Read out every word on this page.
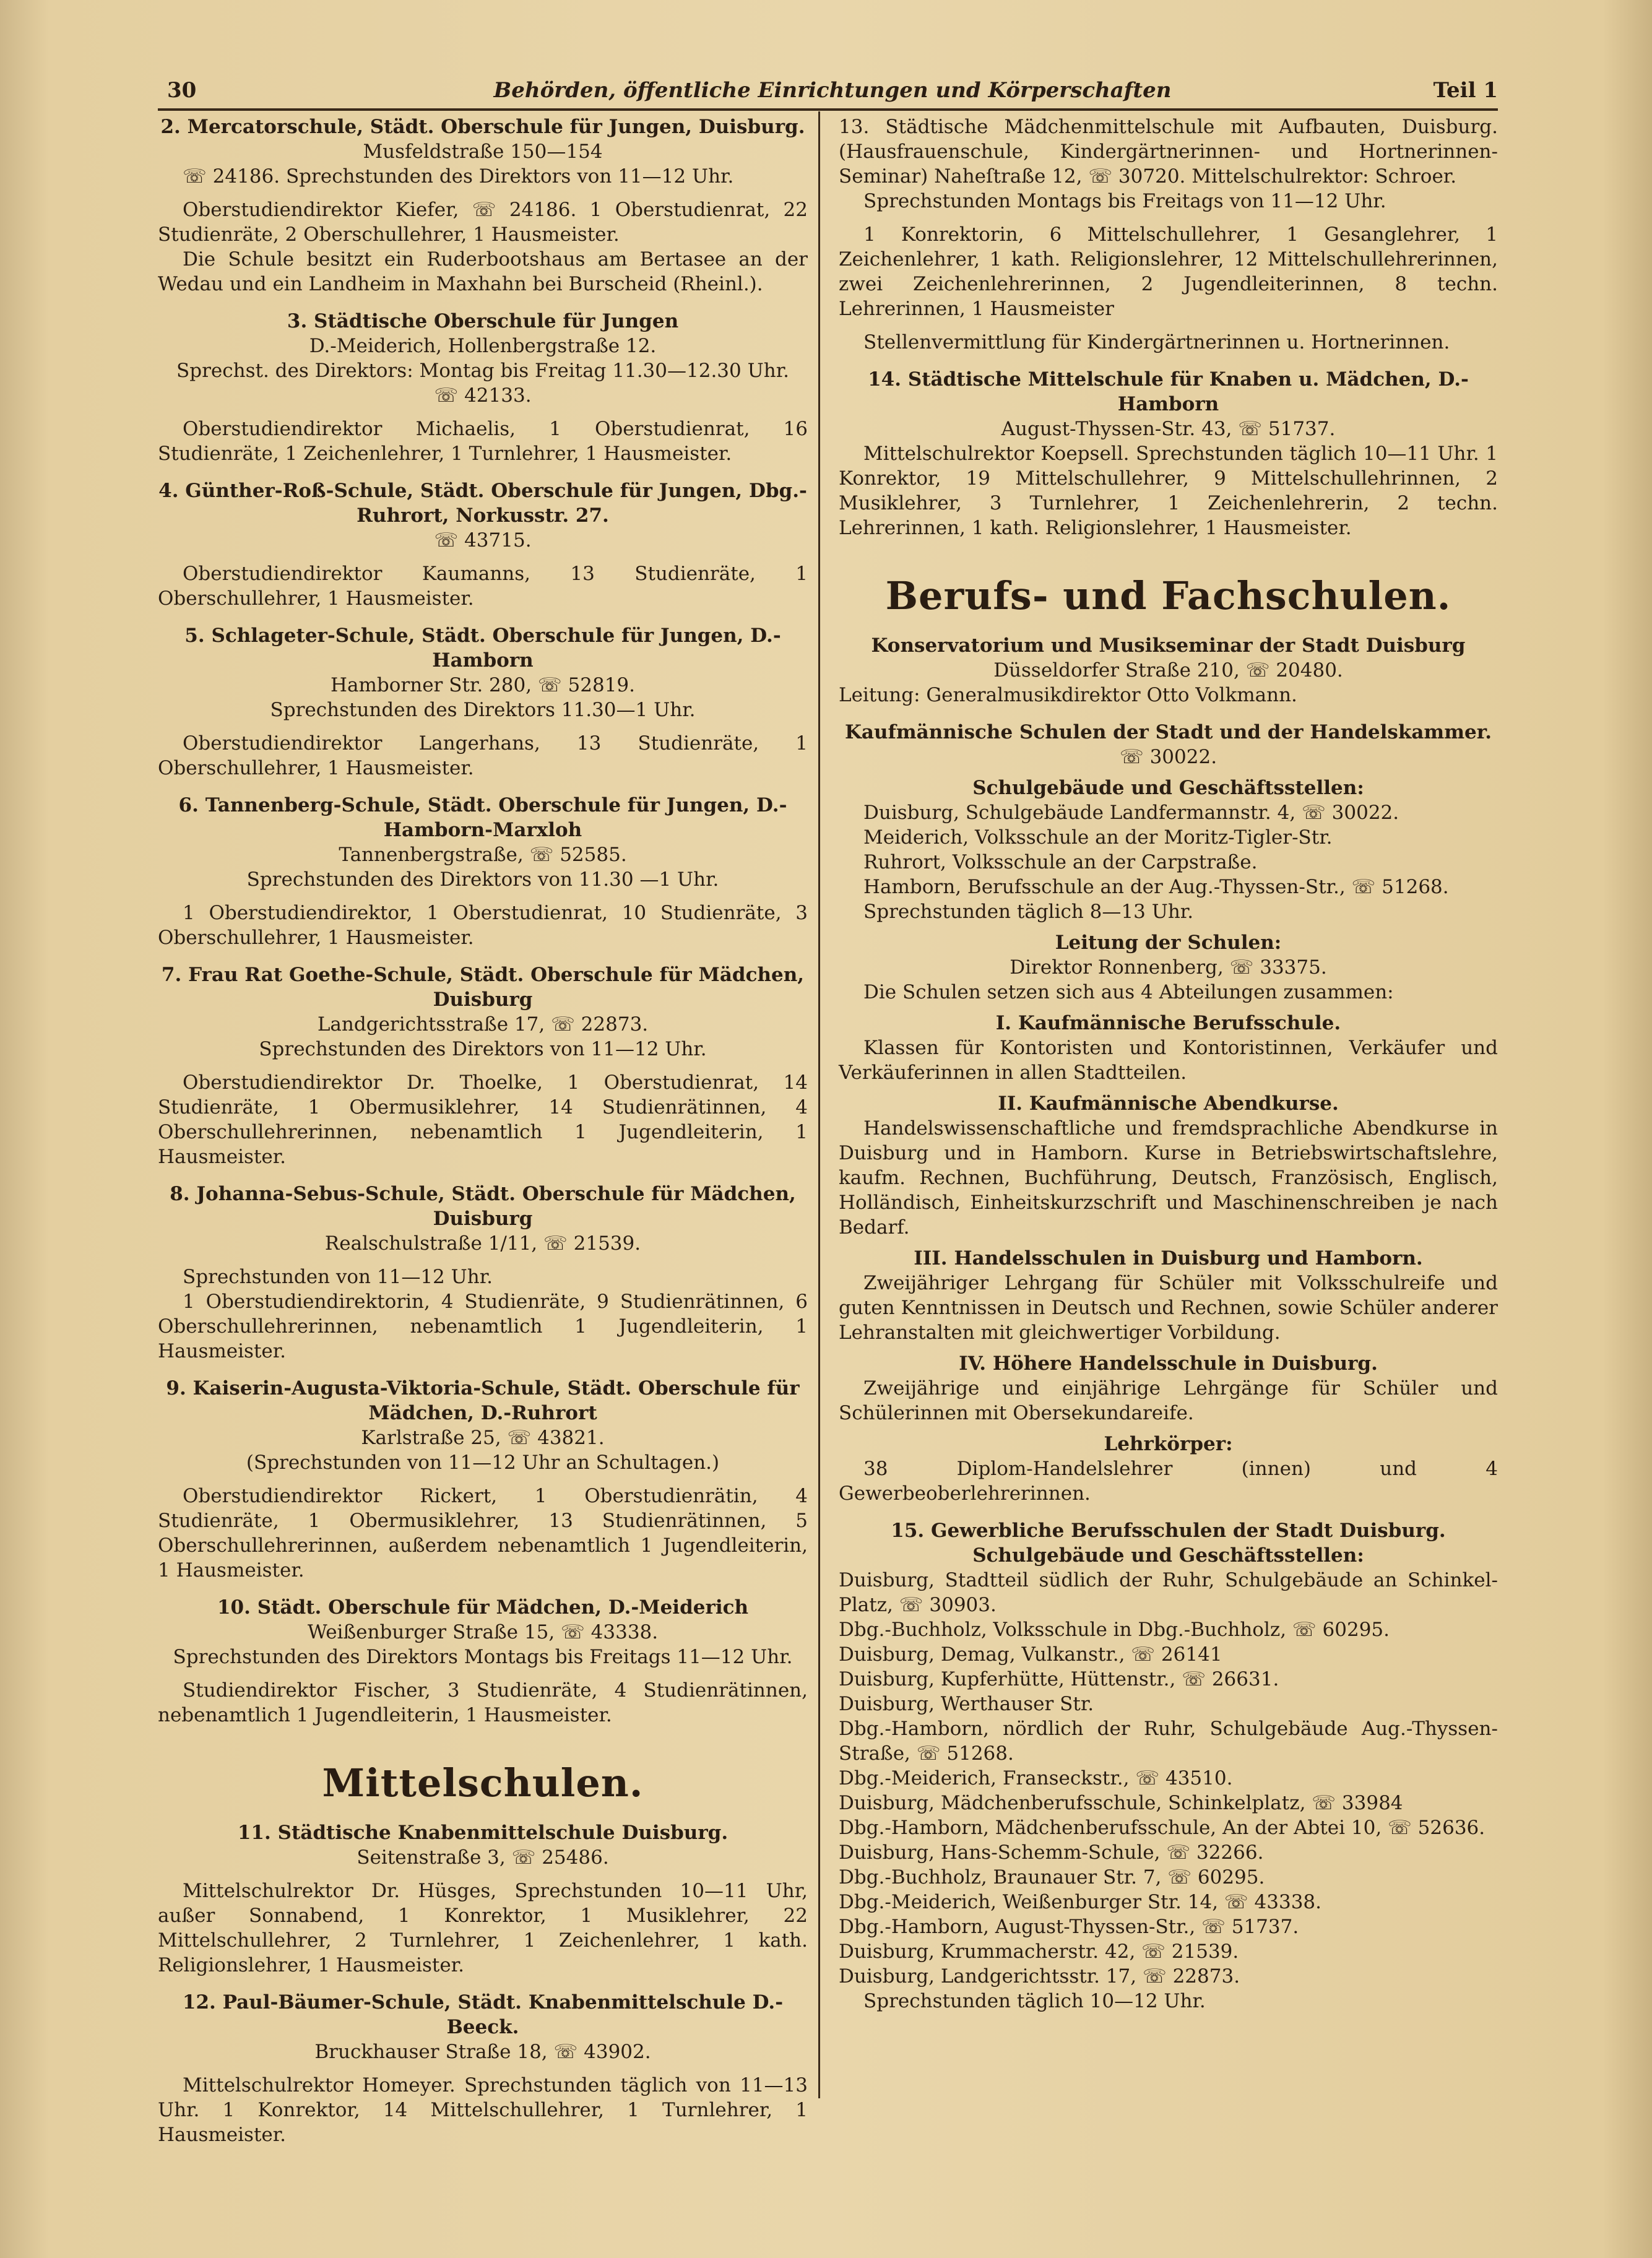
30	Behörden, öffentliche Einrichtungen und Körperschaften	Teil 1
2. Mercatorschule, Städt. Oberschule für Jungen, Duisburg.
Musfeldstraße 150—154
☏ 24186. Sprechstunden des Direktors von 11—12 Uhr.
Oberstudiendirektor Kiefer, ☏ 24186. 1 Oberstudienrat, 22 Studienräte, 2 Oberschullehrer, 1 Hausmeister.
Die Schule besitzt ein Ruderbootshaus am Bertasee an der Wedau und ein Landheim in Maxhahn bei Burscheid (Rheinl.).
3. Städtische Oberschule für Jungen
D.-Meiderich, Hollenbergstraße 12.
Sprechst. des Direktors: Montag bis Freitag 11.30—12.30 Uhr.
☏ 42133.
Oberstudiendirektor Michaelis, 1 Oberstudienrat, 16 Studienräte, 1 Zeichenlehrer, 1 Turnlehrer, 1 Hausmeister.
4. Günther-Roß-Schule, Städt. Oberschule für Jungen, Dbg.-Ruhrort, Norkusstr. 27.
☏ 43715.
Oberstudiendirektor Kaumanns, 13 Studienräte, 1 Oberschullehrer, 1 Hausmeister.
5. Schlageter-Schule, Städt. Oberschule für Jungen, D.-Hamborn
Hamborner Str. 280, ☏ 52819.
Sprechstunden des Direktors 11.30—1 Uhr.
Oberstudiendirektor Langerhans, 13 Studienräte, 1 Oberschullehrer, 1 Hausmeister.
6. Tannenberg-Schule, Städt. Oberschule für Jungen, D.-Hamborn-Marxloh
Tannenbergstraße, ☏ 52585.
Sprechstunden des Direktors von 11.30 —1 Uhr.
1 Oberstudiendirektor, 1 Oberstudienrat, 10 Studienräte, 3 Oberschullehrer, 1 Hausmeister.
7. Frau Rat Goethe-Schule, Städt. Oberschule für Mädchen, Duisburg
Landgerichtsstraße 17, ☏ 22873.
Sprechstunden des Direktors von 11—12 Uhr.
Oberstudiendirektor Dr. Thoelke, 1 Oberstudienrat, 14 Studienräte, 1 Obermusiklehrer, 14 Studienrätinnen, 4 Oberschullehrerinnen, nebenamtlich 1 Jugendleiterin, 1 Hausmeister.
8. Johanna-Sebus-Schule, Städt. Oberschule für Mädchen, Duisburg
Realschulstraße 1/11, ☏ 21539.
Sprechstunden von 11—12 Uhr.
1 Oberstudiendirektorin, 4 Studienräte, 9 Studienrätinnen, 6 Oberschullehrerinnen, nebenamtlich 1 Jugendleiterin, 1 Hausmeister.
9. Kaiserin-Augusta-Viktoria-Schule, Städt. Oberschule für Mädchen, D.-Ruhrort
Karlstraße 25, ☏ 43821.
(Sprechstunden von 11—12 Uhr an Schultagen.)
Oberstudiendirektor Rickert, 1 Oberstudienrätin, 4 Studienräte, 1 Obermusiklehrer, 13 Studienrätinnen, 5 Oberschullehrerinnen, außerdem nebenamtlich 1 Jugendleiterin, 1 Hausmeister.
10. Städt. Oberschule für Mädchen, D.-Meiderich
Weißenburger Straße 15, ☏ 43338.
Sprechstunden des Direktors Montags bis Freitags 11—12 Uhr.
Studiendirektor Fischer, 3 Studienräte, 4 Studienrätinnen, nebenamtlich 1 Jugendleiterin, 1 Hausmeister.
Mittelschulen.
11. Städtische Knabenmittelschule Duisburg.
Seitenstraße 3, ☏ 25486.
Mittelschulrektor Dr. Hüsges, Sprechstunden 10—11 Uhr, außer Sonnabend, 1 Konrektor, 1 Musiklehrer, 22 Mittelschullehrer, 2 Turnlehrer, 1 Zeichenlehrer, 1 kath. Religionslehrer, 1 Hausmeister.
12. Paul-Bäumer-Schule, Städt. Knabenmittelschule D.-Beeck.
Bruckhauser Straße 18, ☏ 43902.
Mittelschulrektor Homeyer. Sprechstunden täglich von 11—13 Uhr. 1 Konrektor, 14 Mittelschullehrer, 1 Turnlehrer, 1 Hausmeister.
13. Städtische Mädchenmittelschule mit Aufbauten, Duisburg. (Hausfrauenschule, Kindergärtnerinnen- und Hortnerinnen-Seminar) Naheſtraße 12, ☏ 30720. Mittelschulrektor: Schroer.
Sprechstunden Montags bis Freitags von 11—12 Uhr.
1 Konrektorin, 6 Mittelschullehrer, 1 Gesanglehrer, 1 Zeichenlehrer, 1 kath. Religionslehrer, 12 Mittelschullehrerinnen, zwei Zeichenlehrerinnen, 2 Jugendleiterinnen, 8 techn. Lehrerinnen, 1 Hausmeister
Stellenvermittlung für Kindergärtnerinnen u. Hortnerinnen.
14. Städtische Mittelschule für Knaben u. Mädchen, D.-Hamborn
August-Thyssen-Str. 43, ☏ 51737.
Mittelschulrektor Koepsell. Sprechstunden täglich 10—11 Uhr. 1 Konrektor, 19 Mittelschullehrer, 9 Mittelschullehrinnen, 2 Musiklehrer, 3 Turnlehrer, 1 Zeichenlehrerin, 2 techn. Lehrerinnen, 1 kath. Religionslehrer, 1 Hausmeister.
Berufs- und Fachschulen.
Konservatorium und Musikseminar der Stadt Duisburg
Düsseldorfer Straße 210, ☏ 20480.
Leitung: Generalmusikdirektor Otto Volkmann.
Kaufmännische Schulen der Stadt und der Handelskammer.
☏ 30022.
Schulgebäude und Geschäftsstellen:
Duisburg, Schulgebäude Landfermannstr. 4, ☏ 30022.
Meiderich, Volksschule an der Moritz-Tigler-Str.
Ruhrort, Volksschule an der Carpstraße.
Hamborn, Berufsschule an der Aug.-Thyssen-Str., ☏ 51268.
Sprechstunden täglich 8—13 Uhr.
Leitung der Schulen:
Direktor Ronnenberg, ☏ 33375.
Die Schulen setzen sich aus 4 Abteilungen zusammen:
I. Kaufmännische Berufsschule.
Klassen für Kontoristen und Kontoristinnen, Verkäufer und Verkäuferinnen in allen Stadtteilen.
II. Kaufmännische Abendkurse.
Handelswissenschaftliche und fremdsprachliche Abendkurse in Duisburg und in Hamborn. Kurse in Betriebswirtschaftslehre, kaufm. Rechnen, Buchführung, Deutsch, Französisch, Englisch, Holländisch, Einheitskurzschrift und Maschinenschreiben je nach Bedarf.
III. Handelsschulen in Duisburg und Hamborn.
Zweijähriger Lehrgang für Schüler mit Volksschulreife und guten Kenntnissen in Deutsch und Rechnen, sowie Schüler anderer Lehranstalten mit gleichwertiger Vorbildung.
IV. Höhere Handelsschule in Duisburg.
Zweijährige und einjährige Lehrgänge für Schüler und Schülerinnen mit Obersekundareife.
Lehrkörper:
38 Diplom-Handelslehrer (innen) und 4 Gewerbeoberlehrerinnen.
15. Gewerbliche Berufsschulen der Stadt Duisburg. Schulgebäude und Geschäftsstellen:
Duisburg, Stadtteil südlich der Ruhr, Schulgebäude an Schinkel-Platz, ☏ 30903.
Dbg.-Buchholz, Volksschule in Dbg.-Buchholz, ☏ 60295.
Duisburg, Demag, Vulkanstr., ☏ 26141
Duisburg, Kupferhütte, Hüttenstr., ☏ 26631.
Duisburg, Werthauser Str.
Dbg.-Hamborn, nördlich der Ruhr, Schulgebäude Aug.-Thyssen-Straße, ☏ 51268.
Dbg.-Meiderich, Franseckstr., ☏ 43510.
Duisburg, Mädchenberufsschule, Schinkelplatz, ☏ 33984
Dbg.-Hamborn, Mädchenberufsschule, An der Abtei 10, ☏ 52636.
Duisburg, Hans-Schemm-Schule, ☏ 32266.
Dbg.-Buchholz, Braunauer Str. 7, ☏ 60295.
Dbg.-Meiderich, Weißenburger Str. 14, ☏ 43338.
Dbg.-Hamborn, August-Thyssen-Str., ☏ 51737.
Duisburg, Krummacherstr. 42, ☏ 21539.
Duisburg, Landgerichtsstr. 17, ☏ 22873.
Sprechstunden täglich 10—12 Uhr.
